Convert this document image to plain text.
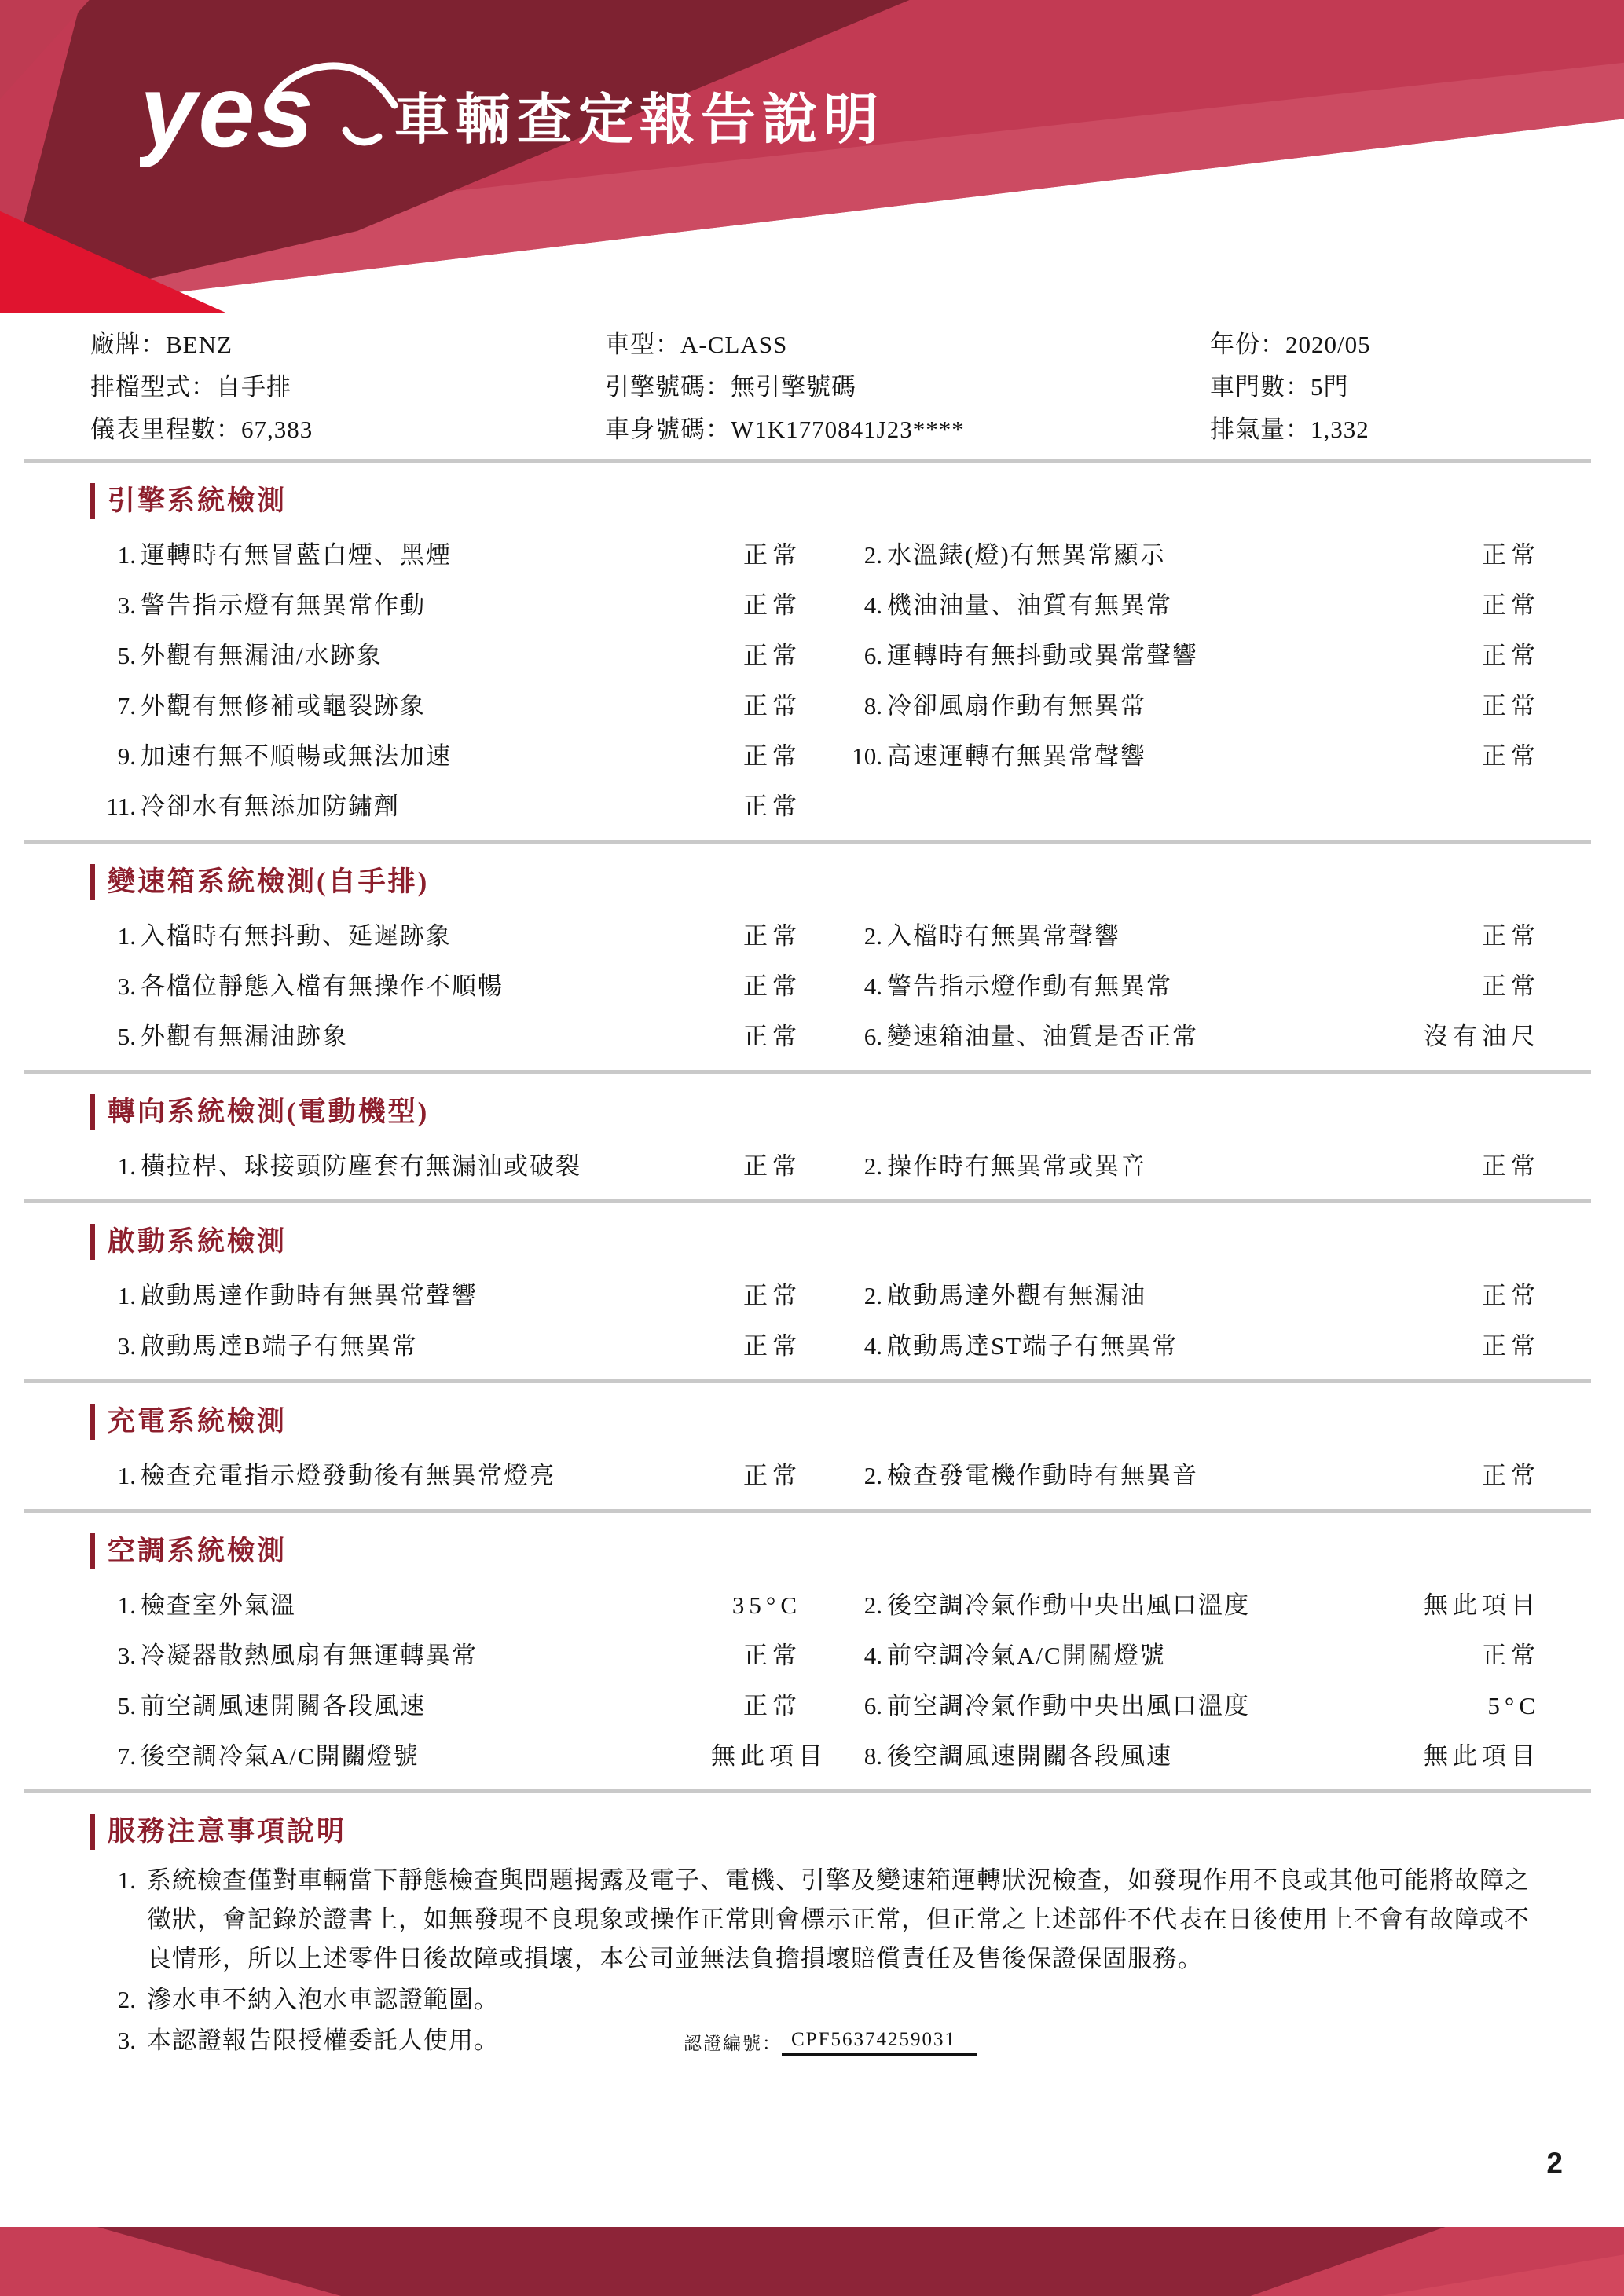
yes 車輛查定報告說明
廠牌：BENZ	車型：A-CLASS	年份：2020/05
排檔型式：自手排	引擎號碼：無引擎號碼	車門數：5門
儀表里程數：67,383	車身號碼：W1K1770841J23****	排氣量：1,332
引擎系統檢測
1. 運轉時有無冒藍白煙、黑煙	正常	2. 水溫錶(燈)有無異常顯示	正常
3. 警告指示燈有無異常作動	正常	4. 機油油量、油質有無異常	正常
5. 外觀有無漏油/水跡象	正常	6. 運轉時有無抖動或異常聲響	正常
7. 外觀有無修補或龜裂跡象	正常	8. 冷卻風扇作動有無異常	正常
9. 加速有無不順暢或無法加速	正常	10. 高速運轉有無異常聲響	正常
11. 冷卻水有無添加防鏽劑	正常
變速箱系統檢測(自手排)
1. 入檔時有無抖動、延遲跡象	正常	2. 入檔時有無異常聲響	正常
3. 各檔位靜態入檔有無操作不順暢	正常	4. 警告指示燈作動有無異常	正常
5. 外觀有無漏油跡象	正常	6. 變速箱油量、油質是否正常	沒有油尺
轉向系統檢測(電動機型)
1. 橫拉桿、球接頭防塵套有無漏油或破裂	正常	2. 操作時有無異常或異音	正常
啟動系統檢測
1. 啟動馬達作動時有無異常聲響	正常	2. 啟動馬達外觀有無漏油	正常
3. 啟動馬達B端子有無異常	正常	4. 啟動馬達ST端子有無異常	正常
充電系統檢測
1. 檢查充電指示燈發動後有無異常燈亮	正常	2. 檢查發電機作動時有無異音	正常
空調系統檢測
1. 檢查室外氣溫	35°C	2. 後空調冷氣作動中央出風口溫度	無此項目
3. 冷凝器散熱風扇有無運轉異常	正常	4. 前空調冷氣A/C開關燈號	正常
5. 前空調風速開關各段風速	正常	6. 前空調冷氣作動中央出風口溫度	5°C
7. 後空調冷氣A/C開關燈號	無此項目	8. 後空調風速開關各段風速	無此項目
服務注意事項說明
1. 系統檢查僅對車輛當下靜態檢查與問題揭露及電子、電機、引擎及變速箱運轉狀況檢查，如發現作用不良或其他可能將故障之徵狀，會記錄於證書上，如無發現不良現象或操作正常則會標示正常，但正常之上述部件不代表在日後使用上不會有故障或不良情形，所以上述零件日後故障或損壞，本公司並無法負擔損壞賠償責任及售後保證保固服務。
2. 滲水車不納入泡水車認證範圍。
3. 本認證報告限授權委託人使用。	認證編號： CPF56374259031
2
